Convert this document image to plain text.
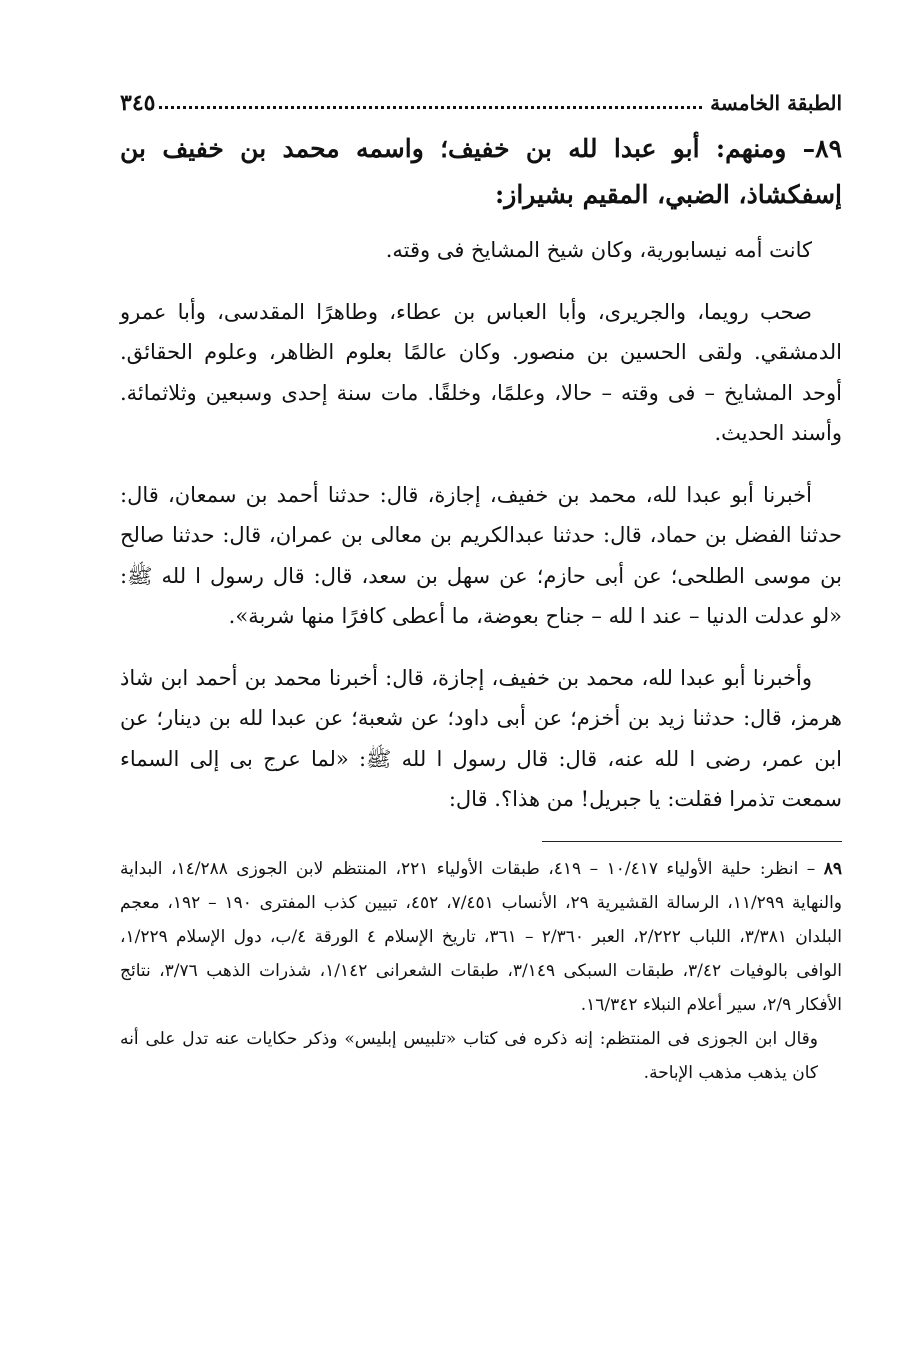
الطبقة الخامسة
٣٤٥
٨٩– ومنهم: أبو عبدا لله بن خفيف؛ واسمه محمد بن خفيف بن إسفكشاذ، الضبي، المقيم بشيراز:

كانت أمه نيسابورية، وكان شيخ المشايخ فى وقته.

صحب رويما، والجريرى، وأبا العباس بن عطاء، وطاهرًا المقدسى، وأبا عمرو الدمشقي. ولقى الحسين بن منصور. وكان عالمًا بعلوم الظاهر، وعلوم الحقائق. أوحد المشايخ – فى وقته – حالا، وعلمًا، وخلقًا. مات سنة إحدى وسبعين وثلاثمائة. وأسند الحديث.

أخبرنا أبو عبدا لله، محمد بن خفيف، إجازة، قال: حدثنا أحمد بن سمعان، قال: حدثنا الفضل بن حماد، قال: حدثنا عبدالكريم بن معالى بن عمران، قال: حدثنا صالح بن موسى الطلحى؛ عن أبى حازم؛ عن سهل بن سعد، قال: قال رسول ا لله ﷺ: «لو عدلت الدنيا – عند ا لله – جناح بعوضة، ما أعطى كافرًا منها شربة».

وأخبرنا أبو عبدا لله، محمد بن خفيف، إجازة، قال: أخبرنا محمد بن أحمد ابن شاذ هرمز، قال: حدثنا زيد بن أخزم؛ عن أبى داود؛ عن شعبة؛ عن عبدا لله بن دينار؛ عن ابن عمر، رضى ا لله عنه، قال: قال رسول ا لله ﷺ: «لما عرج بى إلى السماء سمعت تذمرا فقلت: يا جبريل! من هذا؟. قال:

٨٩ – انظر: حلية الأولياء ١٠/٤١٧ – ٤١٩، طبقات الأولياء ٢٢١، المنتظم لابن الجوزى ١٤/٢٨٨، البداية والنهاية ١١/٢٩٩، الرسالة القشيرية ٢٩، الأنساب ٧/٤٥١، ٤٥٢، تبيين كذب المفترى ١٩٠ – ١٩٢، معجم البلدان ٣/٣٨١، اللباب ٢/٢٢٢، العبر ٢/٣٦٠ – ٣٦١، تاريخ الإسلام ٤ الورقة ٤/ب، دول الإسلام ١/٢٢٩، الوافى بالوفيات ٣/٤٢، طبقات السبكى ٣/١٤٩، طبقات الشعرانى ١/١٤٢، شذرات الذهب ٣/٧٦، نتائج الأفكار ٢/٩، سير أعلام النبلاء ١٦/٣٤٢.
وقال ابن الجوزى فى المنتظم: إنه ذكره فى كتاب «تلبيس إبليس» وذكر حكايات عنه تدل على أنه كان يذهب مذهب الإباحة.
